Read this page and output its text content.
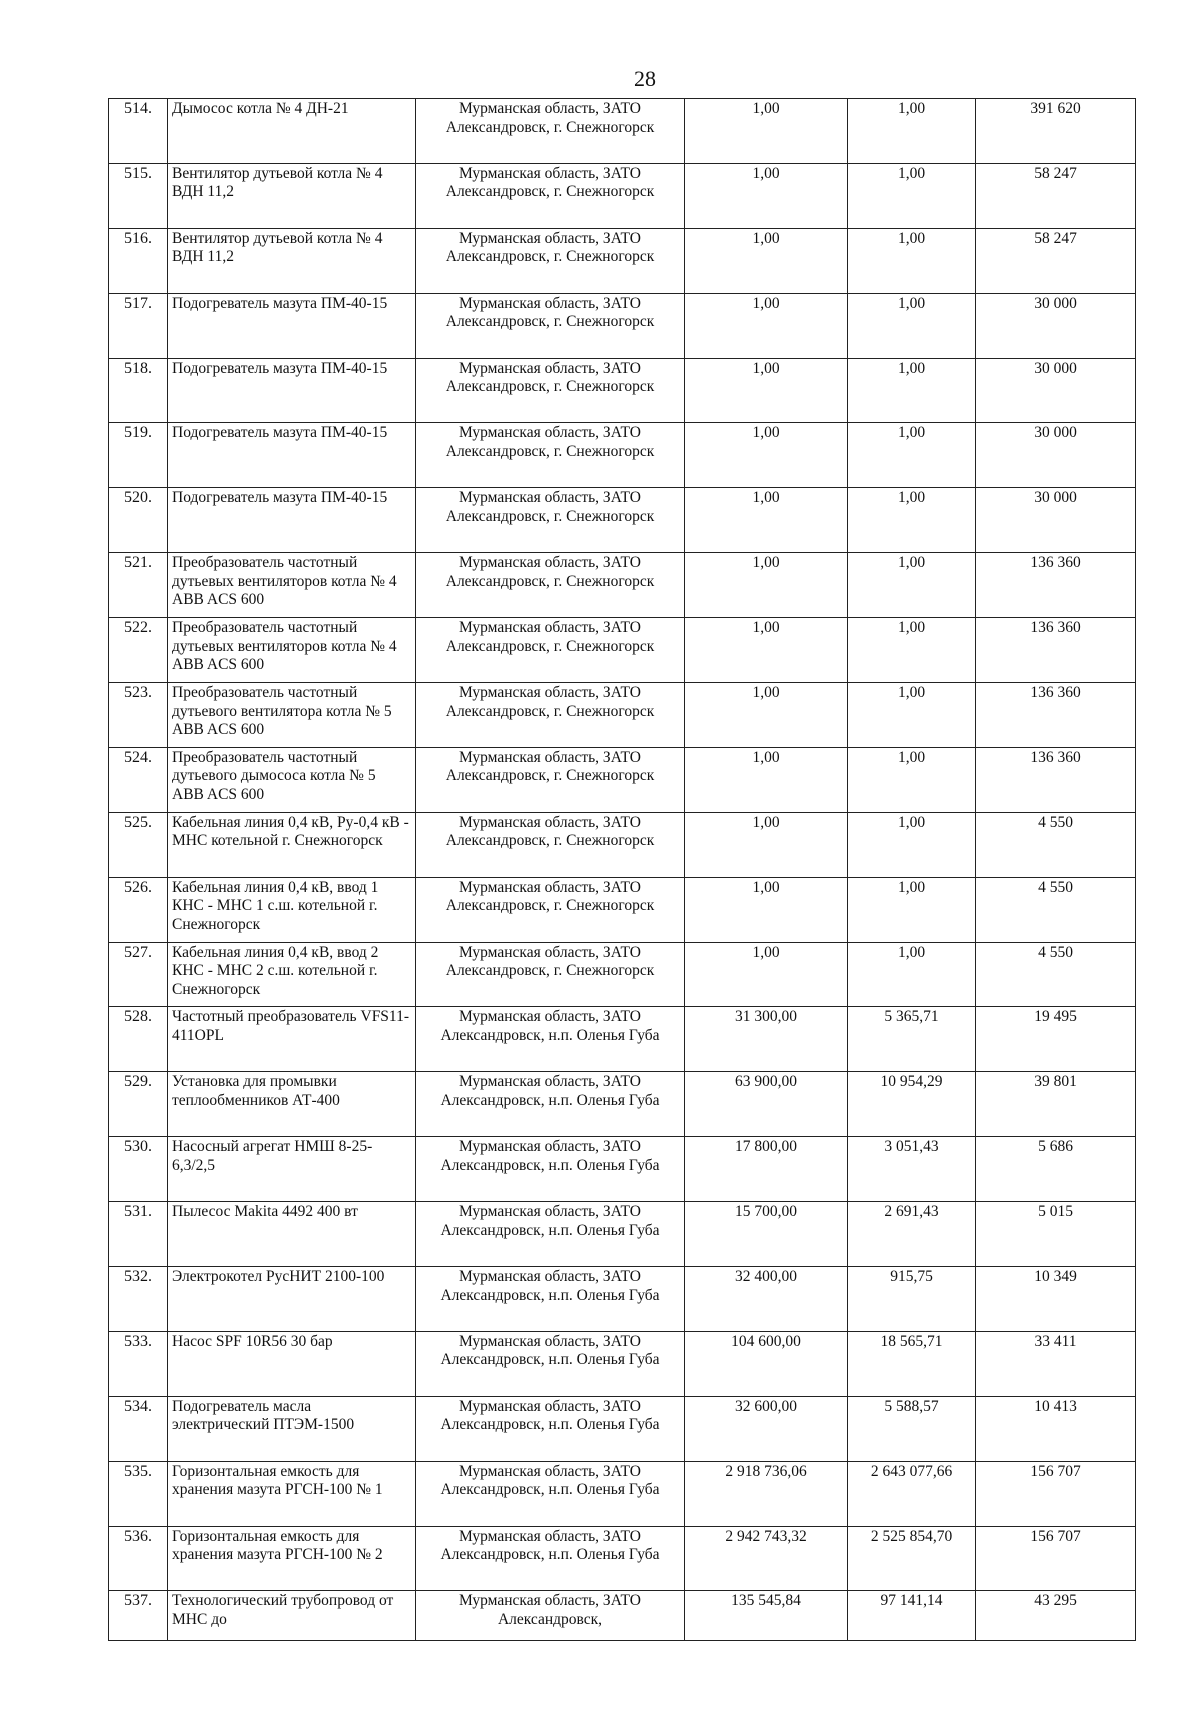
28
514.	Дымосос котла № 4 ДН-21	Мурманская область, ЗАТО Александровск, г. Снежногорск	1,00	1,00	391 620
515.	Вентилятор дутьевой котла № 4 ВДН 11,2	Мурманская область, ЗАТО Александровск, г. Снежногорск	1,00	1,00	58 247
516.	Вентилятор дутьевой котла № 4 ВДН 11,2	Мурманская область, ЗАТО Александровск, г. Снежногорск	1,00	1,00	58 247
517.	Подогреватель мазута ПМ-40-15	Мурманская область, ЗАТО Александровск, г. Снежногорск	1,00	1,00	30 000
518.	Подогреватель мазута ПМ-40-15	Мурманская область, ЗАТО Александровск, г. Снежногорск	1,00	1,00	30 000
519.	Подогреватель мазута ПМ-40-15	Мурманская область, ЗАТО Александровск, г. Снежногорск	1,00	1,00	30 000
520.	Подогреватель мазута ПМ-40-15	Мурманская область, ЗАТО Александровск, г. Снежногорск	1,00	1,00	30 000
521.	Преобразователь частотный дутьевых вентиляторов котла № 4 ABB ACS 600	Мурманская область, ЗАТО Александровск, г. Снежногорск	1,00	1,00	136 360
522.	Преобразователь частотный дутьевых вентиляторов котла № 4 ABB ACS 600	Мурманская область, ЗАТО Александровск, г. Снежногорск	1,00	1,00	136 360
523.	Преобразователь частотный дутьевого вентилятора котла № 5 ABB ACS 600	Мурманская область, ЗАТО Александровск, г. Снежногорск	1,00	1,00	136 360
524.	Преобразователь частотный дутьевого дымососа котла № 5 ABB ACS 600	Мурманская область, ЗАТО Александровск, г. Снежногорск	1,00	1,00	136 360
525.	Кабельная линия 0,4 кВ, Ру-0,4 кВ - МНС котельной г. Снежногорск	Мурманская область, ЗАТО Александровск, г. Снежногорск	1,00	1,00	4 550
526.	Кабельная линия 0,4 кВ, ввод 1 КНС - МНС 1 с.ш. котельной г. Снежногорск	Мурманская область, ЗАТО Александровск, г. Снежногорск	1,00	1,00	4 550
527.	Кабельная линия 0,4 кВ, ввод 2 КНС - МНС 2 с.ш. котельной г. Снежногорск	Мурманская область, ЗАТО Александровск, г. Снежногорск	1,00	1,00	4 550
528.	Частотный преобразователь VFS11-411OPL	Мурманская область, ЗАТО Александровск, н.п. Оленья Губа	31 300,00	5 365,71	19 495
529.	Установка для промывки теплообменников АТ-400	Мурманская область, ЗАТО Александровск, н.п. Оленья Губа	63 900,00	10 954,29	39 801
530.	Насосный агрегат НМШ 8-25-6,3/2,5	Мурманская область, ЗАТО Александровск, н.п. Оленья Губа	17 800,00	3 051,43	5 686
531.	Пылесос Makita 4492 400 вт	Мурманская область, ЗАТО Александровск, н.п. Оленья Губа	15 700,00	2 691,43	5 015
532.	Электрокотел РусНИТ 2100-100	Мурманская область, ЗАТО Александровск, н.п. Оленья Губа	32 400,00	915,75	10 349
533.	Насос SPF 10R56 30 бар	Мурманская область, ЗАТО Александровск, н.п. Оленья Губа	104 600,00	18 565,71	33 411
534.	Подогреватель масла электрический ПТЭМ-1500	Мурманская область, ЗАТО Александровск, н.п. Оленья Губа	32 600,00	5 588,57	10 413
535.	Горизонтальная емкость для хранения мазута РГСН-100 № 1	Мурманская область, ЗАТО Александровск, н.п. Оленья Губа	2 918 736,06	2 643 077,66	156 707
536.	Горизонтальная емкость для хранения мазута РГСН-100 № 2	Мурманская область, ЗАТО Александровск, н.п. Оленья Губа	2 942 743,32	2 525 854,70	156 707
537.	Технологический трубопровод от МНС до	Мурманская область, ЗАТО Александровск,	135 545,84	97 141,14	43 295
